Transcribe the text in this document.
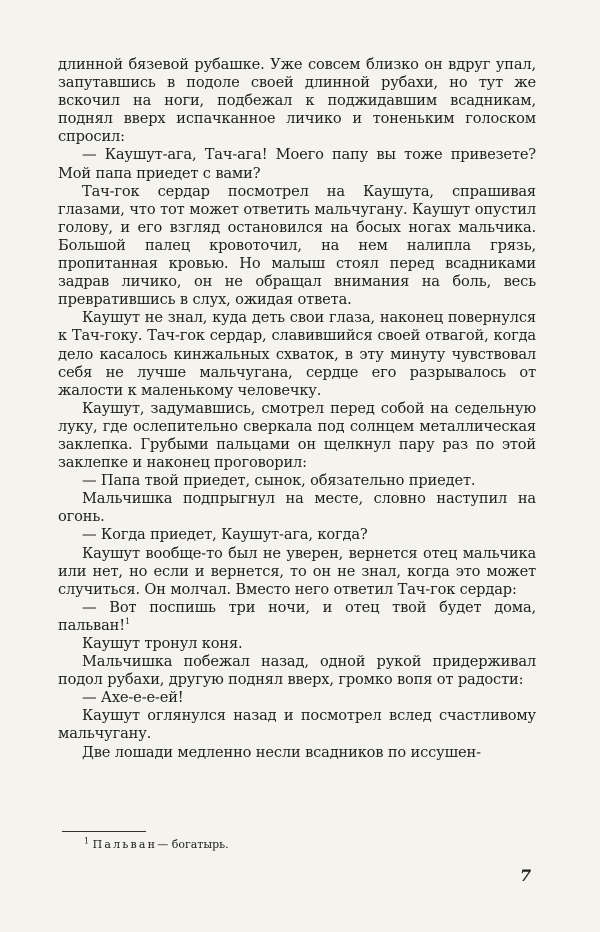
длинной бязевой рубашке. Уже совсем близко он вдруг упал, запутавшись в подоле своей длинной рубахи, но тут же вскочил на ноги, подбежал к поджидавшим всадникам, поднял вверх испачканное личико и тоненьким голоском спросил:

— Каушут-ага, Тач-ага! Моего папу вы тоже привезете? Мой папа приедет с вами?

Тач-гок сердар посмотрел на Каушута, спрашивая глазами, что тот может ответить мальчугану. Каушут опустил голову, и его взгляд остановился на босых ногах мальчика. Большой палец кровоточил, на нем налипла грязь, пропитанная кровью. Но малыш стоял перед всадниками задрав личико, он не обращал внимания на боль, весь превратившись в слух, ожидая ответа.

Каушут не знал, куда деть свои глаза, наконец повернулся к Тач-гоку. Тач-гок сердар, славившийся своей отвагой, когда дело касалось кинжальных схваток, в эту минуту чувствовал себя не лучше мальчугана, сердце его разрывалось от жалости к маленькому человечку.

Каушут, задумавшись, смотрел перед собой на седельную луку, где ослепительно сверкала под солнцем металлическая заклепка. Грубыми пальцами он щелкнул пару раз по этой заклепке и наконец проговорил:

— Папа твой приедет, сынок, обязательно приедет.

Мальчишка подпрыгнул на месте, словно наступил на огонь.

— Когда приедет, Каушут-ага, когда?

Каушут вообще-то был не уверен, вернется отец мальчика или нет, но если и вернется, то он не знал, когда это может случиться. Он молчал. Вместо него ответил Тач-гок сердар:

— Вот поспишь три ночи, и отец твой будет дома, пальван!$^1$

Каушут тронул коня.

Мальчишка побежал назад, одной рукой придерживал подол рубахи, другую поднял вверх, громко вопя от радости:

— Ахе-е-е-ей!

Каушут оглянулся назад и посмотрел вслед счастливому мальчугану.

Две лошади медленно несли всадников по иссушен-

$^1$ Пальван— богатырь.
7
